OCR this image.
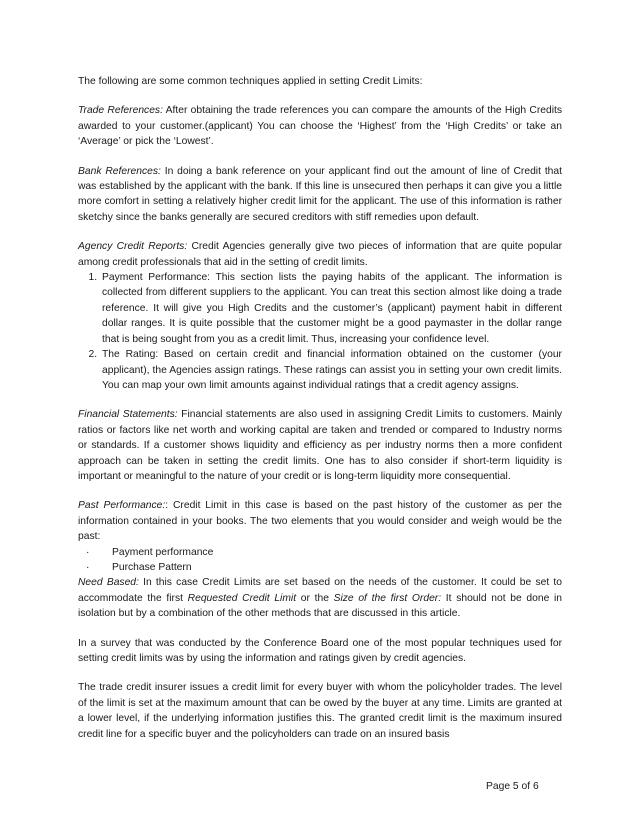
The following are some common techniques applied in setting Credit Limits:

Trade References: After obtaining the trade references you can compare the amounts of the High Credits awarded to your customer.(applicant) You can choose the ‘Highest’ from the ‘High Credits’ or take an ‘Average’ or pick the ‘Lowest’.

Bank References: In doing a bank reference on your applicant find out the amount of line of Credit that was established by the applicant with the bank. If this line is unsecured then perhaps it can give you a little more comfort in setting a relatively higher credit limit for the applicant. The use of this information is rather sketchy since the banks generally are secured creditors with stiff remedies upon default.

Agency Credit Reports: Credit Agencies generally give two pieces of information that are quite popular among credit professionals that aid in the setting of credit limits.

1. Payment Performance: This section lists the paying habits of the applicant. The information is collected from different suppliers to the applicant. You can treat this section almost like doing a trade reference. It will give you High Credits and the customer’s (applicant) payment habit in different dollar ranges. It is quite possible that the customer might be a good paymaster in the dollar range that is being sought from you as a credit limit. Thus, increasing your confidence level.
2. The Rating: Based on certain credit and financial information obtained on the customer (your applicant), the Agencies assign ratings. These ratings can assist you in setting your own credit limits. You can map your own limit amounts against individual ratings that a credit agency assigns.

Financial Statements: Financial statements are also used in assigning Credit Limits to customers. Mainly ratios or factors like net worth and working capital are taken and trended or compared to Industry norms or standards. If a customer shows liquidity and efficiency as per industry norms then a more confident approach can be taken in setting the credit limits. One has to also consider if short-term liquidity is important or meaningful to the nature of your credit or is long-term liquidity more consequential.

Past Performance:: Credit Limit in this case is based on the past history of the customer as per the information contained in your books. The two elements that you would consider and weigh would be the past:

· Payment performance
· Purchase Pattern

Need Based: In this case Credit Limits are set based on the needs of the customer. It could be set to accommodate the first Requested Credit Limit or the Size of the first Order: It should not be done in isolation but by a combination of the other methods that are discussed in this article.

In a survey that was conducted by the Conference Board one of the most popular techniques used for setting credit limits was by using the information and ratings given by credit agencies.

The trade credit insurer issues a credit limit for every buyer with whom the policyholder trades. The level of the limit is set at the maximum amount that can be owed by the buyer at any time. Limits are granted at a lower level, if the underlying information justifies this. The granted credit limit is the maximum insured credit line for a specific buyer and the policyholders can trade on an insured basis

Page 5 of 6
